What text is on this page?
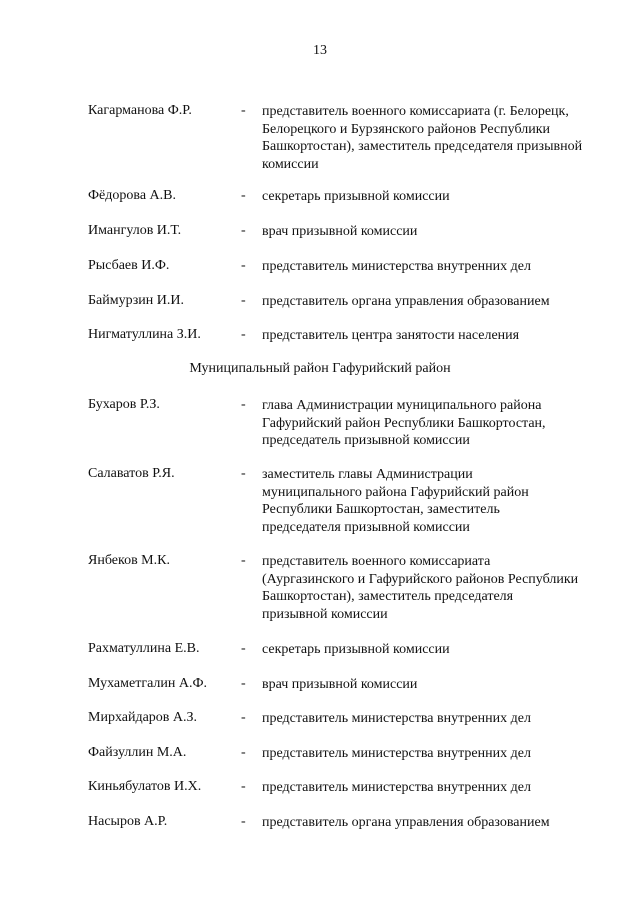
13
Кагарманова Ф.Р.	- представитель военного комиссариата (г. Белорецк, Белорецкого и Бурзянского районов Республики Башкортостан), заместитель председателя призывной комиссии
Фёдорова А.В.	- секретарь призывной комиссии
Имангулов И.Т.	- врач призывной комиссии
Рысбаев И.Ф.	- представитель министерства внутренних дел
Баймурзин И.И.	- представитель органа управления образованием
Нигматуллина З.И.	- представитель центра занятости населения
Муниципальный район Гафурийский район
Бухаров Р.З.	- глава Администрации муниципального района Гафурийский район Республики Башкортостан, председатель призывной комиссии
Салаватов Р.Я.	- заместитель главы Администрации муниципального района Гафурийский район Республики Башкортостан, заместитель председателя призывной комиссии
Янбеков М.К.	- представитель военного комиссариата (Аургазинского и Гафурийского районов Республики Башкортостан), заместитель председателя призывной комиссии
Рахматуллина Е.В.	- секретарь призывной комиссии
Мухаметгалин А.Ф. - врач призывной комиссии
Мирхайдаров А.З.	- представитель министерства внутренних дел
Файзуллин М.А.	- представитель министерства внутренних дел
Киньябулатов И.Х.	- представитель министерства внутренних дел
Насыров А.Р.	- представитель органа управления образованием
